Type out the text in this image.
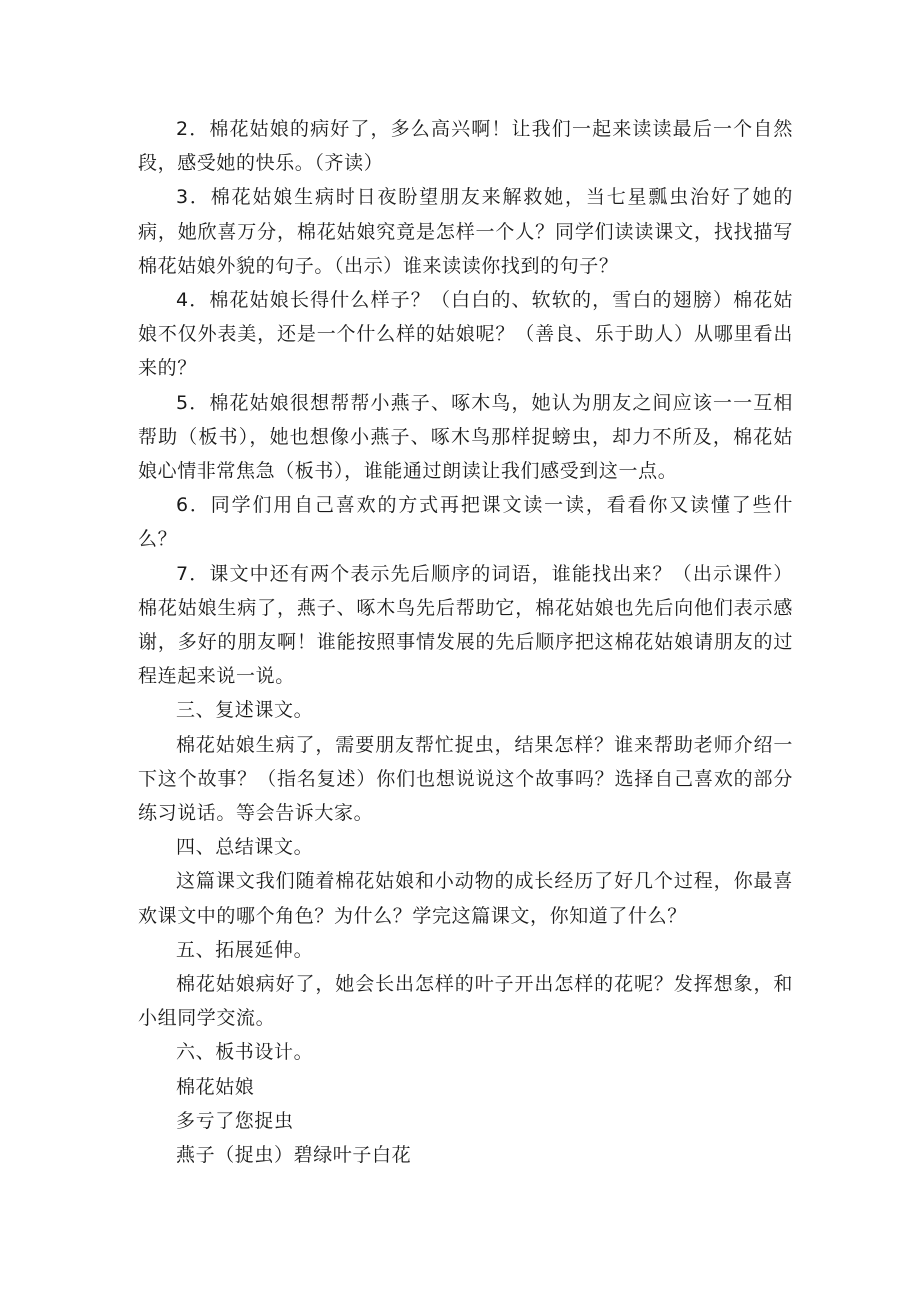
2．棉花姑娘的病好了，多么高兴啊！让我们一起来读读最后一个自然段，感受她的快乐。（齐读）

3．棉花姑娘生病时日夜盼望朋友来解救她，当七星瓢虫治好了她的病，她欣喜万分，棉花姑娘究竟是怎样一个人？同学们读读课文，找找描写棉花姑娘外貌的句子。（出示）谁来读读你找到的句子？

4．棉花姑娘长得什么样子？（白白的、软软的，雪白的翅膀）棉花姑娘不仅外表美，还是一个什么样的姑娘呢？（善良、乐于助人）从哪里看出来的？

5．棉花姑娘很想帮帮小燕子、啄木鸟，她认为朋友之间应该一一互相帮助（板书），她也想像小燕子、啄木鸟那样捉螃虫，却力不所及，棉花姑娘心情非常焦急（板书），谁能通过朗读让我们感受到这一点。

6．同学们用自己喜欢的方式再把课文读一读，看看你又读懂了些什么？

7．课文中还有两个表示先后顺序的词语，谁能找出来？（出示课件）棉花姑娘生病了，燕子、啄木鸟先后帮助它，棉花姑娘也先后向他们表示感谢，多好的朋友啊！谁能按照事情发展的先后顺序把这棉花姑娘请朋友的过程连起来说一说。

三、复述课文。

棉花姑娘生病了，需要朋友帮忙捉虫，结果怎样？谁来帮助老师介绍一下这个故事？（指名复述）你们也想说说这个故事吗？选择自己喜欢的部分练习说话。等会告诉大家。

四、总结课文。

这篇课文我们随着棉花姑娘和小动物的成长经历了好几个过程，你最喜欢课文中的哪个角色？为什么？学完这篇课文，你知道了什么？

五、拓展延伸。

棉花姑娘病好了，她会长出怎样的叶子开出怎样的花呢？发挥想象，和小组同学交流。

六、板书设计。

棉花姑娘

多亏了您捉虫

燕子（捉虫）碧绿叶子白花
